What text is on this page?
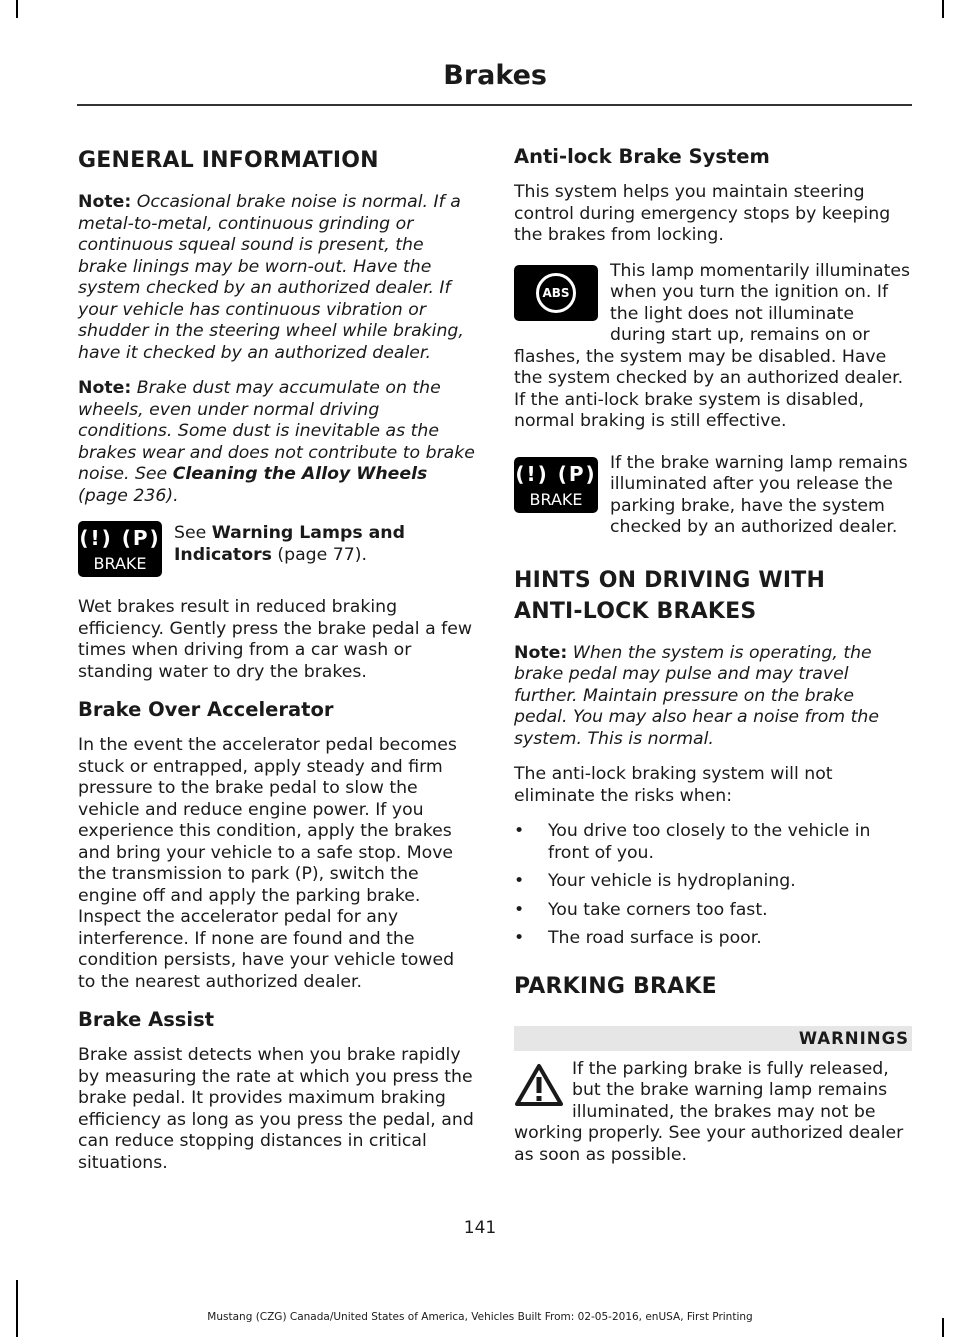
Brakes
GENERAL INFORMATION

Note: Occasional brake noise is normal. If a metal-to-metal, continuous grinding or continuous squeal sound is present, the brake linings may be worn-out. Have the system checked by an authorized dealer. If your vehicle has continuous vibration or shudder in the steering wheel while braking, have it checked by an authorized dealer.

Note: Brake dust may accumulate on the wheels, even under normal driving conditions. Some dust is inevitable as the brakes wear and does not contribute to brake noise. See Cleaning the Alloy Wheels (page 236).

(!) (P)
BRAKE

See Warning Lamps and Indicators (page 77).

Wet brakes result in reduced braking efficiency. Gently press the brake pedal a few times when driving from a car wash or standing water to dry the brakes.

Brake Over Accelerator

In the event the accelerator pedal becomes stuck or entrapped, apply steady and firm pressure to the brake pedal to slow the vehicle and reduce engine power. If you experience this condition, apply the brakes and bring your vehicle to a safe stop. Move the transmission to park (P), switch the engine off and apply the parking brake. Inspect the accelerator pedal for any interference. If none are found and the condition persists, have your vehicle towed to the nearest authorized dealer.

Brake Assist

Brake assist detects when you brake rapidly by measuring the rate at which you press the brake pedal. It provides maximum braking efficiency as long as you press the pedal, and can reduce stopping distances in critical situations.

Anti-lock Brake System

This system helps you maintain steering control during emergency stops by keeping the brakes from locking.

ABS

This lamp momentarily illuminates when you turn the ignition on. If the light does not illuminate during start up, remains on or flashes, the system may be disabled. Have the system checked by an authorized dealer. If the anti-lock brake system is disabled, normal braking is still effective.

(!) (P)
BRAKE

If the brake warning lamp remains illuminated after you release the parking brake, have the system checked by an authorized dealer.

HINTS ON DRIVING WITH ANTI-LOCK BRAKES

Note: When the system is operating, the brake pedal may pulse and may travel further. Maintain pressure on the brake pedal. You may also hear a noise from the system. This is normal.

The anti-lock braking system will not eliminate the risks when:

• You drive too closely to the vehicle in front of you.
• Your vehicle is hydroplaning.
• You take corners too fast.
• The road surface is poor.
PARKING BRAKE
WARNINGS

If the parking brake is fully released, but the brake warning lamp remains illuminated, the brakes may not be working properly. See your authorized dealer as soon as possible.

141
Mustang (CZG) Canada/United States of America, Vehicles Built From: 02-05-2016, enUSA, First Printing
